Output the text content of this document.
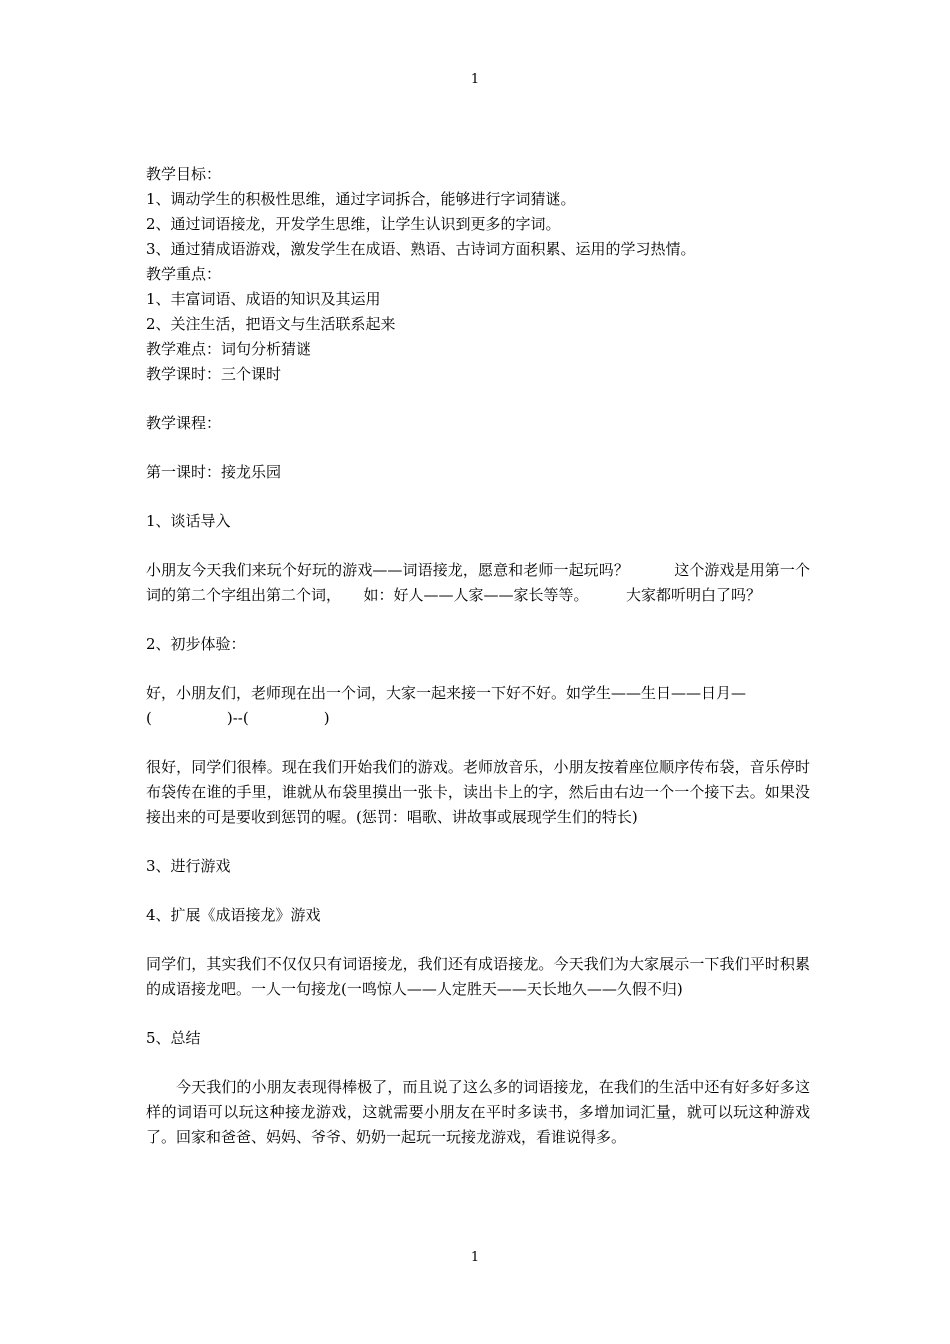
1

教学目标：

1、调动学生的积极性思维，通过字词拆合，能够进行字词猜谜。

2、通过词语接龙，开发学生思维，让学生认识到更多的字词。

3、通过猜成语游戏，激发学生在成语、熟语、古诗词方面积累、运用的学习热情。

教学重点：

1、丰富词语、成语的知识及其运用

2、关注生活，把语文与生活联系起来

教学难点：词句分析猜谜

教学课时：三个课时

教学课程：

第一课时：接龙乐园

1、谈话导入

小朋友今天我们来玩个好玩的游戏——词语接龙，愿意和老师一起玩吗？　　　这个游戏是用第一个词的第二个字组出第二个词，　　如：好人——人家——家长等等。　　　大家都听明白了吗？

2、初步体验：

好，小朋友们，老师现在出一个词，大家一起来接一下好不好。如学生——生日——日月—

(　　　　　)--(　　　　　)

很好，同学们很棒。现在我们开始我们的游戏。老师放音乐，小朋友按着座位顺序传布袋，音乐停时布袋传在谁的手里，谁就从布袋里摸出一张卡，读出卡上的字，然后由右边一个一个接下去。如果没接出来的可是要收到惩罚的喔。(惩罚：唱歌、讲故事或展现学生们的特长)

3、进行游戏

4、扩展《成语接龙》游戏

同学们，其实我们不仅仅只有词语接龙，我们还有成语接龙。今天我们为大家展示一下我们平时积累的成语接龙吧。一人一句接龙(一鸣惊人——人定胜天——天长地久——久假不归)

5、总结

今天我们的小朋友表现得棒极了，而且说了这么多的词语接龙，在我们的生活中还有好多好多这样的词语可以玩这种接龙游戏，这就需要小朋友在平时多读书，多增加词汇量，就可以玩这种游戏了。回家和爸爸、妈妈、爷爷、奶奶一起玩一玩接龙游戏，看谁说得多。

1
